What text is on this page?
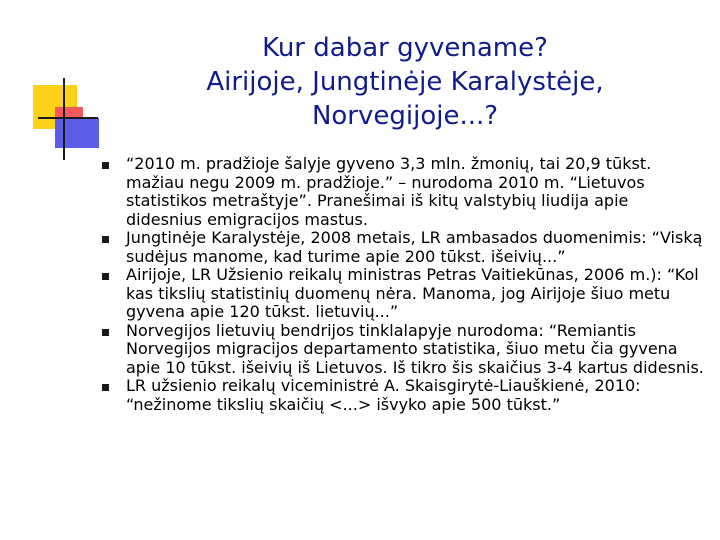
Kur dabar gyvename?
Airijoje, Jungtinėje Karalystėje,
Norvegijoje...?
“2010 m. pradžioje šalyje gyveno 3,3 mln. žmonių, tai 20,9 tūkst. mažiau negu 2009 m. pradžioje.” – nurodoma 2010 m. “Lietuvos statistikos metraštyje”. Pranešimai iš kitų valstybių liudija apie didesnius emigracijos mastus.
Jungtinėje Karalystėje, 2008 metais, LR ambasados duomenimis: “Viską sudėjus manome, kad turime apie 200 tūkst. išeivių...”
Airijoje, LR Užsienio reikalų ministras Petras Vaitiekūnas, 2006 m.): “Kol kas tikslių statistinių duomenų nėra. Manoma, jog Airijoje šiuo metu gyvena apie 120 tūkst. lietuvių...”
Norvegijos lietuvių bendrijos tinklalapyje nurodoma: “Remiantis Norvegijos migracijos departamento statistika, šiuo metu čia gyvena apie 10 tūkst. išeivių iš Lietuvos. Iš tikro šis skaičius 3-4 kartus didesnis.
LR užsienio reikalų viceministrė A. Skaisgirytė-Liauškienė, 2010: “nežinome tikslių skaičių <...> išvyko apie 500 tūkst.”
